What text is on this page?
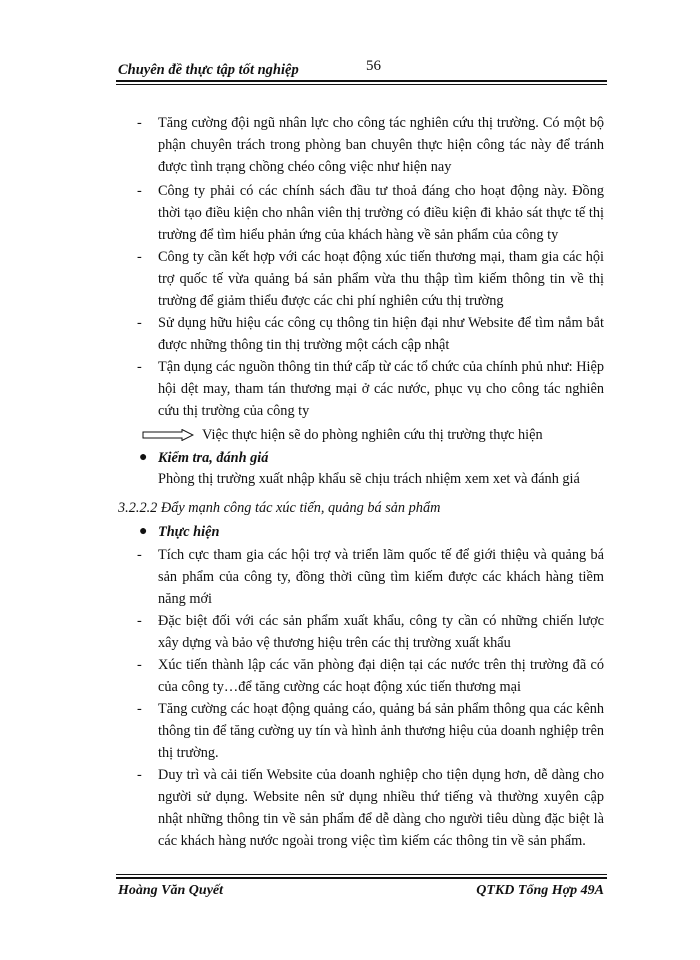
Chuyên đề thực tập tốt nghiệp	56
- Tăng cường đội ngũ nhân lực cho công tác nghiên cứu thị trường. Có một bộ phận chuyên trách trong phòng ban chuyên thực hiện công tác này để tránh được tình trạng chồng chéo công việc như hiện nay

- Công ty phải có các chính sách đầu tư thoả đáng cho hoạt động này. Đồng thời tạo điều kiện cho nhân viên thị trường có điều kiện đi khảo sát thực tế thị trường để tìm hiểu phản ứng của khách hàng về sản phẩm của công ty

- Công ty cần kết hợp với các hoạt động xúc tiến thương mại, tham gia các hội trợ quốc tế vừa quảng bá sản phẩm vừa thu thập tìm kiếm thông tin về thị trường để giảm thiểu được các chi phí nghiên cứu thị trường

- Sử dụng hữu hiệu các công cụ thông tin hiện đại như Website để tìm nắm bắt được những thông tin thị trường một cách cập nhật

- Tận dụng các nguồn thông tin thứ cấp từ các tổ chức của chính phủ như: Hiệp hội dệt may, tham tán thương mại ở các nước, phục vụ cho công tác nghiên cứu thị trường của công ty

Việc thực hiện sẽ do phòng nghiên cứu thị trường thực hiện
● Kiểm tra, đánh giá

Phòng thị trường xuất nhập khẩu sẽ chịu trách nhiệm xem xet và đánh giá

3.2.2.2 Đẩy mạnh công tác xúc tiến, quảng bá sản phẩm
● Thực hiện
- Tích cực tham gia các hội trợ và triển lãm quốc tế để giới thiệu và quảng bá sản phẩm của công ty, đồng thời cũng tìm kiếm được các khách hàng tiềm năng mới

- Đặc biệt đối với các sản phẩm xuất khẩu, công ty cần có những chiến lược xây dựng và bảo vệ thương hiệu trên các thị trường xuất khẩu

- Xúc tiến thành lập các văn phòng đại diện tại các nước trên thị trường đã có của công ty…để tăng cường các hoạt động xúc tiến thương mại

- Tăng cường các hoạt động quảng cáo, quảng bá sản phẩm thông qua các kênh thông tin để tăng cường uy tín và hình ảnh thương hiệu của doanh nghiệp trên thị trường.

- Duy trì và cải tiến Website của doanh nghiệp cho tiện dụng hơn, dễ dàng cho người sử dụng. Website nên sử dụng nhiều thứ tiếng và thường xuyên cập nhật những thông tin về sản phẩm để dễ dàng cho người tiêu dùng đặc biệt là các khách hàng nước ngoài trong việc tìm kiếm các thông tin về sản phẩm.

Hoàng Văn Quyết	QTKD Tổng Hợp 49A
